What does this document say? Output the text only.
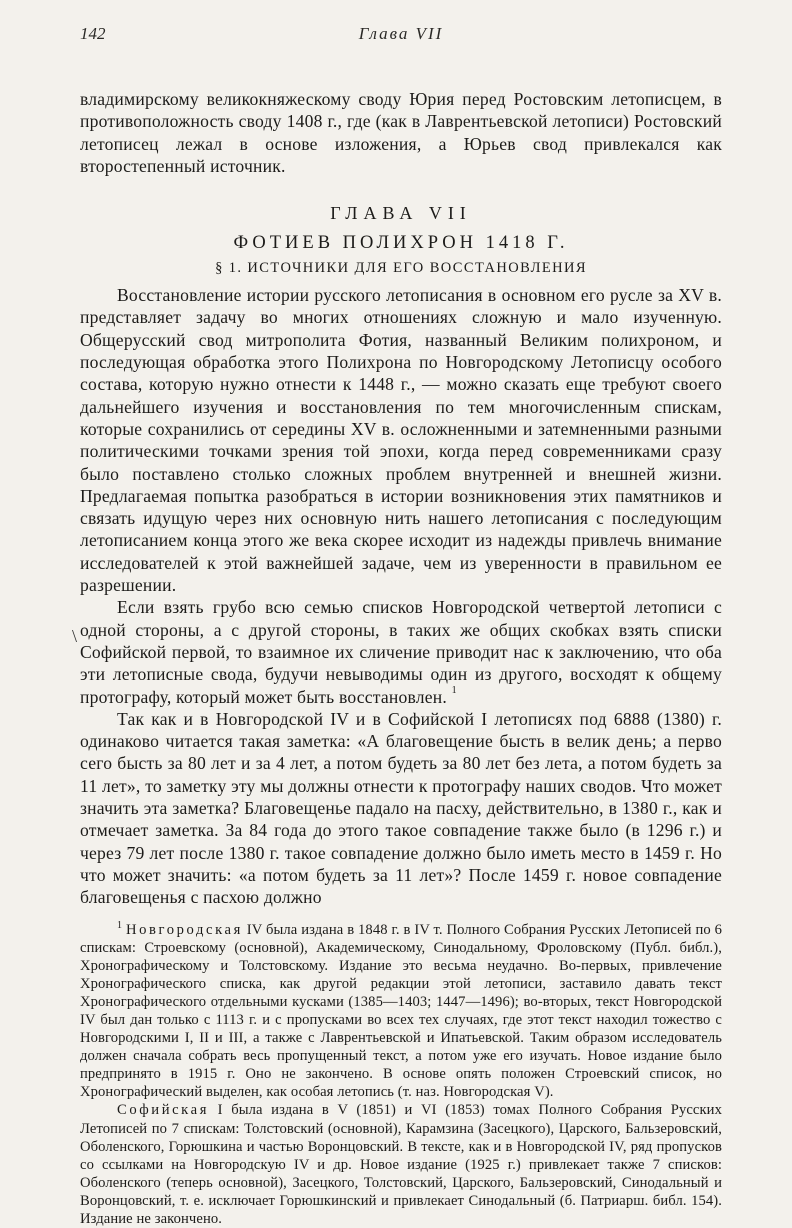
142	Глава VII

владимирскому великокняжескому своду Юрия перед Ростовским летописцем, в противоположность своду 1408 г., где (как в Лаврентьевской летописи) Ростовский летописец лежал в основе изложения, а Юрьев свод привлекался как второстепенный источник.

ГЛАВА VII
ФОТИЕВ ПОЛИХРОН 1418 Г.
§ 1. ИСТОЧНИКИ ДЛЯ ЕГО ВОССТАНОВЛЕНИЯ

Восстановление истории русского летописания в основном его русле за XV в. представляет задачу во многих отношениях сложную и мало изученную. Общерусский свод митрополита Фотия, названный Великим полихроном, и последующая обработка этого Полихрона по Новгородскому Летописцу особого состава, которую нужно отнести к 1448 г., — можно сказать еще требуют своего дальнейшего изучения и восстановления по тем многочисленным спискам, которые сохранились от середины XV в. осложненными и затемненными разными политическими точками зрения той эпохи, когда перед современниками сразу было поставлено столько сложных проблем внутренней и внешней жизни. Предлагаемая попытка разобраться в истории возникновения этих памятников и связать идущую через них основную нить нашего летописания с последующим летописанием конца этого же века скорее исходит из надежды привлечь внимание исследователей к этой важнейшей задаче, чем из уверенности в правильном ее разрешении.

Если взять грубо всю семью списков Новгородской четвертой летописи с одной стороны, а с другой стороны, в таких же общих скобках взять списки Софийской первой, то взаимное их сличение приводит нас к заключению, что оба эти летописные свода, будучи невыводимы один из другого, восходят к общему протографу, который может быть восстановлен. $^1$

Так как и в Новгородской IV и в Софийской I летописях под 6888 (1380) г. одинаково читается такая заметка: «А благовещение бысть в велик день; а перво сего бысть за 80 лет и за 4 лет, а потом будеть за 80 лет без лета, а потом будеть за 11 лет», то заметку эту мы должны отнести к протографу наших сводов. Что может значить эта заметка? Благовещенье падало на пасху, действительно, в 1380 г., как и отмечает заметка. За 84 года до этого такое совпадение также было (в 1296 г.) и через 79 лет после 1380 г. такое совпадение должно было иметь место в 1459 г. Но что может значить: «а потом будеть за 11 лет»? После 1459 г. новое совпадение благовещенья с пасхою должно

\

$^1$ Новгородская IV была издана в 1848 г. в IV т. Полного Собрания Русских Летописей по 6 спискам: Строевскому (основной), Академическому, Синодальному, Фроловскому (Публ. библ.), Хронографическому и Толстовскому. Издание это весьма неудачно. Во-первых, привлечение Хронографического списка, как другой редакции этой летописи, заставило давать текст Хронографического отдельными кусками (1385—1403; 1447—1496); во-вторых, текст Новгородской IV был дан только с 1113 г. и с пропусками во всех тех случаях, где этот текст находил тожество с Новгородскими I, II и III, а также с Лаврентьевской и Ипатьевской. Таким образом исследователь должен сначала собрать весь пропущенный текст, а потом уже его изучать. Новое издание было предпринято в 1915 г. Оно не закончено. В основе опять положен Строевский список, но Хронографический выделен, как особая летопись (т. наз. Новгородская V).

Софийская I была издана в V (1851) и VI (1853) томах Полного Собрания Русских Летописей по 7 спискам: Толстовский (основной), Карамзина (Засецкого), Царского, Бальзеровский, Оболенского, Горюшкина и частью Воронцовский. В тексте, как и в Новгородской IV, ряд пропусков со ссылками на Новгородскую IV и др. Новое издание (1925 г.) привлекает также 7 списков: Оболенского (теперь основной), Засецкого, Толстовский, Царского, Бальзеровский, Синодальный и Воронцовский, т. е. исключает Горюшкинский и привлекает Синодальный (б. Патриарш. библ. 154). Издание не закончено.
